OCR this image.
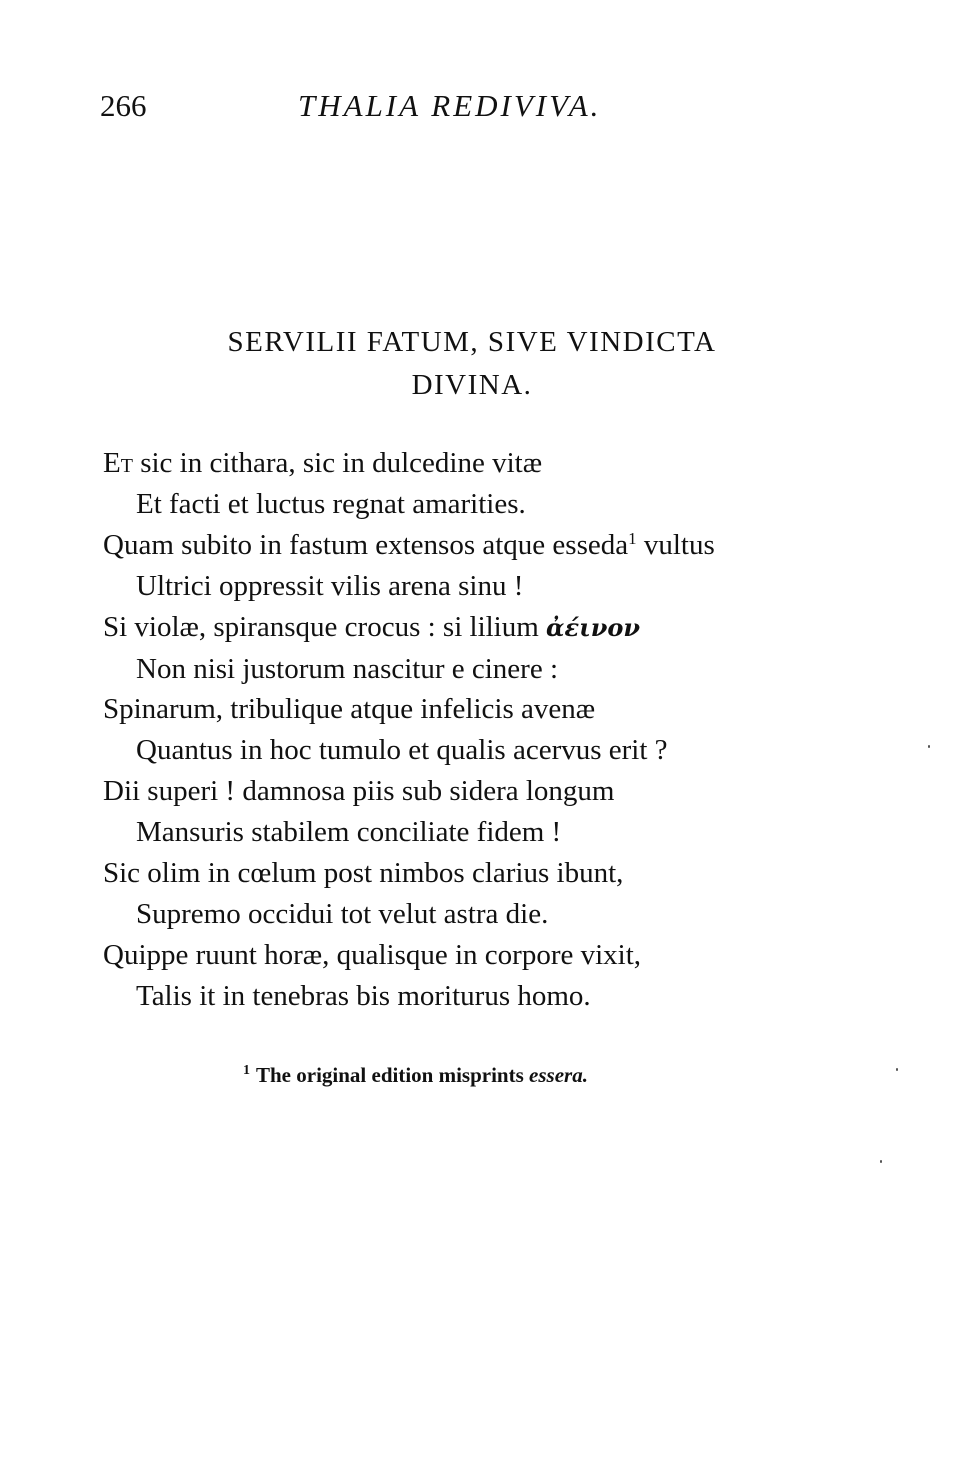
266	THALIA REDIVIVA.
SERVILII FATUM, SIVE VINDICTA
DIVINA.
Et sic in cithara, sic in dulcedine vitæ
Et facti et luctus regnat amarities.
Quam subito in fastum extensos atque esseda$^1$ vultus
Ultrici oppressit vilis arena sinu !
Si violæ, spiransque crocus : si lilium ἀέινον
Non nisi justorum nascitur e cinere :
Spinarum, tribulique atque infelicis avenæ
Quantus in hoc tumulo et qualis acervus erit ?
Dii superi ! damnosa piis sub sidera longum
Mansuris stabilem conciliate fidem !
Sic olim in cœlum post nimbos clarius ibunt,
Supremo occidui tot velut astra die.
Quippe ruunt horæ, qualisque in corpore vixit,
Talis it in tenebras bis moriturus homo.
$^1$ The original edition misprints essera.
